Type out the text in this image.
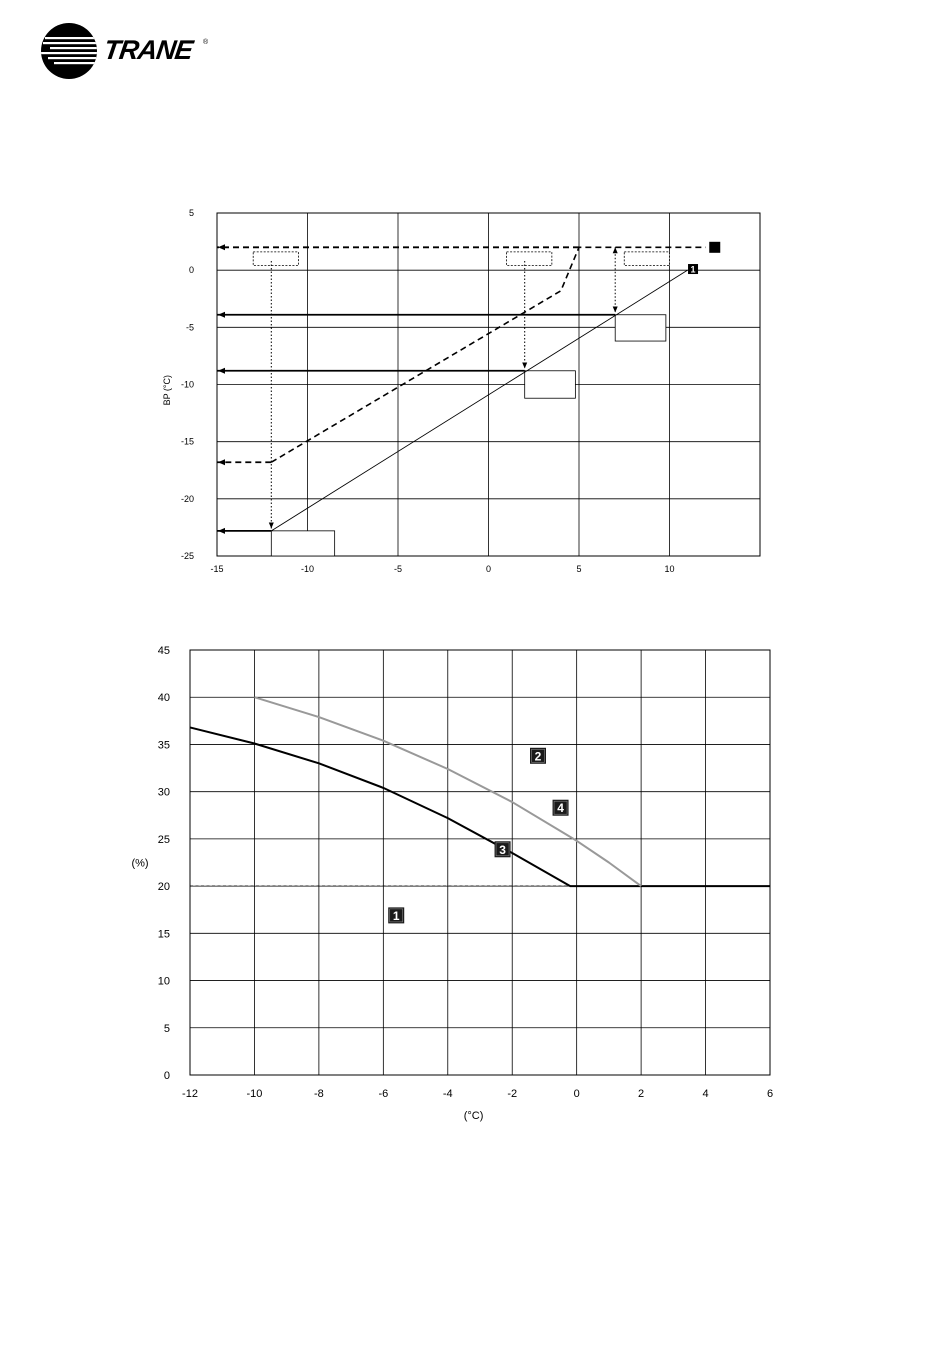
TRANE ®
-15	-10	-5	0	5	10
5
0
-5
-10
-15
-20
-25
1
BP (°C)
-12	-10	-8	-6	-4	-2	0	2	4	6
0
5
10
15
20
25
30
35
40
45
1
2
3
4
(%)
(°C)
